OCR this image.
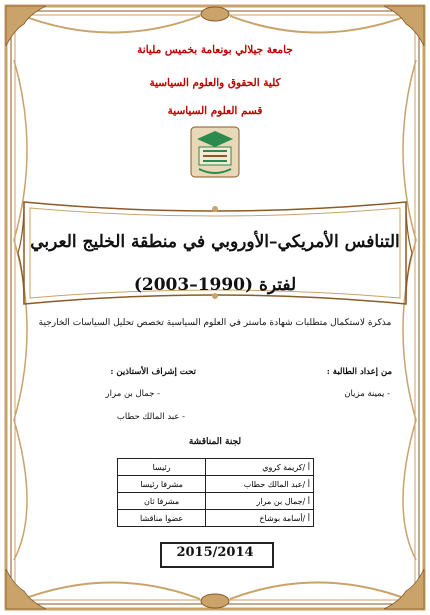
جامعة جيلالي بونعامة بخميس مليانة
كلية الحقوق والعلوم السياسية
قسم العلوم السياسية
التنافس الأمريكي–الأوروبي في منطقة الخليج العربي
لفترة (1990–2003)
مذكرة لاستكمال متطلبات شهادة ماستر في العلوم السياسية تخصص تحليل السياسات الخارجية
من إعداد الطالبة :
- يمينة مزيان
تحت إشراف الأستاذين :
- جمال بن مرار
- عبد المالك حطاب
لجنة المناقشة
أ /كريمة كروي	رئيسا
أ /عبد المالك حطاب	مشرفا رئيسا
أ /جمال بن مرار	مشرفا ثان
أ /أسامة بوشاخ	عضوا مناقشا
2015/2014
